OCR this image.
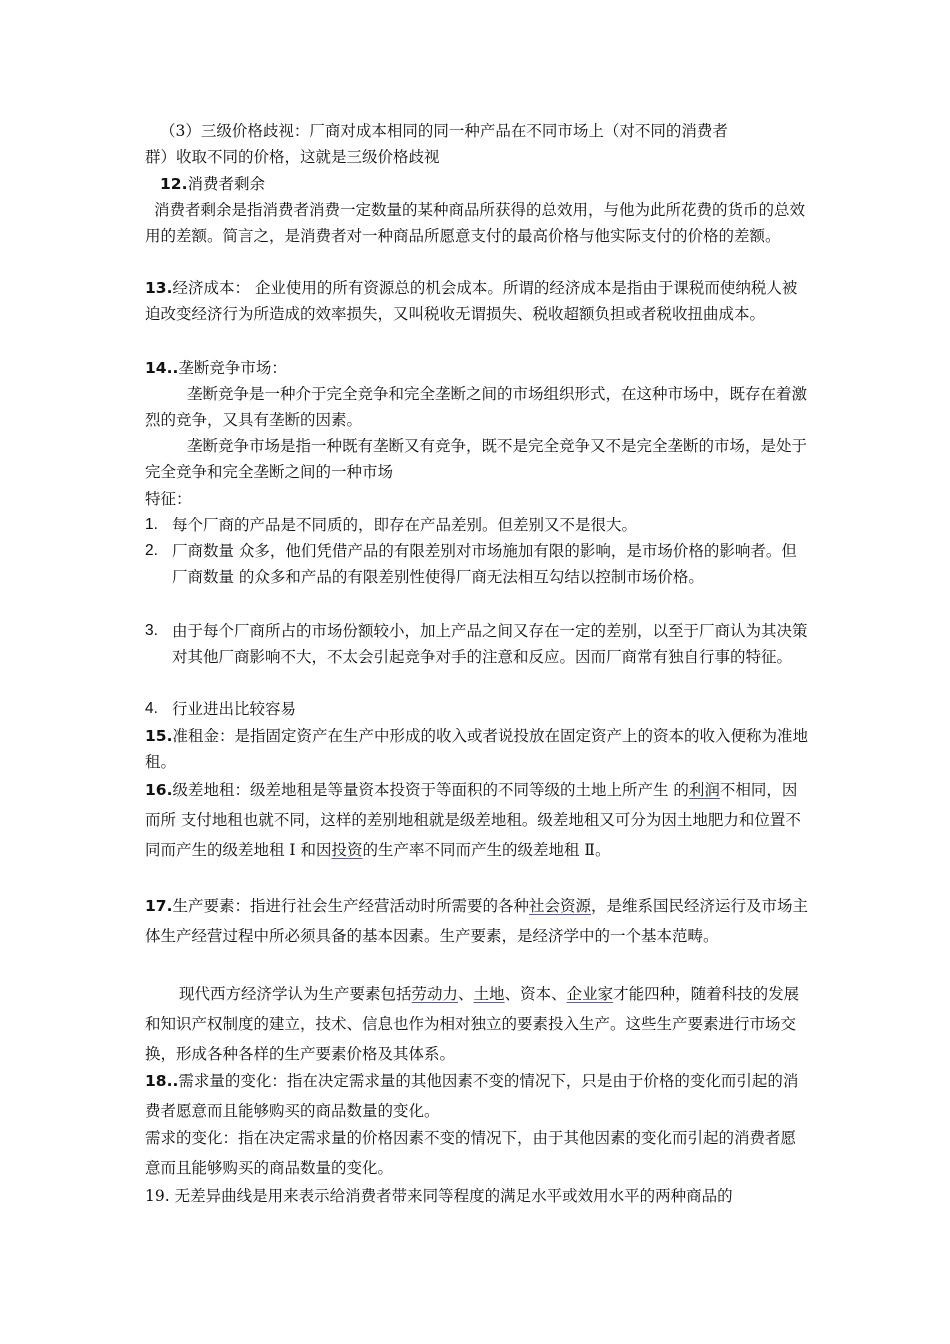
（3）三级价格歧视：厂商对成本相同的同一种产品在不同市场上（对不同的消费者

群）收取不同的价格，这就是三级价格歧视

12.消费者剩余

消费者剩余是指消费者消费一定数量的某种商品所获得的总效用，与他为此所花费的货币的总效用的差额。简言之，是消费者对一种商品所愿意支付的最高价格与他实际支付的价格的差额。

13.经济成本： 企业使用的所有资源总的机会成本。所谓的经济成本是指由于课税而使纳税人被迫改变经济行为所造成的效率损失，又叫税收无谓损失、税收超额负担或者税收扭曲成本。

14..垄断竞争市场：

垄断竞争是一种介于完全竞争和完全垄断之间的市场组织形式，在这种市场中，既存在着激烈的竞争，又具有垄断的因素。

垄断竞争市场是指一种既有垄断又有竞争，既不是完全竞争又不是完全垄断的市场，是处于完全竞争和完全垄断之间的一种市场

特征：

1. 每个厂商的产品是不同质的，即存在产品差别。但差别又不是很大。
2. 厂商数量 众多，他们凭借产品的有限差别对市场施加有限的影响，是市场价格的影响者。但厂商数量 的众多和产品的有限差别性使得厂商无法相互勾结以控制市场价格。
3. 由于每个厂商所占的市场份额较小，加上产品之间又存在一定的差别，以至于厂商认为其决策对其他厂商影响不大，不太会引起竞争对手的注意和反应。因而厂商常有独自行事的特征。
4. 行业进出比较容易

15.准租金：是指固定资产在生产中形成的收入或者说投放在固定资产上的资本的收入便称为准地租。

16.级差地租：级差地租是等量资本投资于等面积的不同等级的土地上所产生 的利润不相同，因而所 支付地租也就不同，这样的差别地租就是级差地租。级差地租又可分为因土地肥力和位置不同而产生的级差地租 Ⅰ 和因投资的生产率不同而产生的级差地租 Ⅱ。

17.生产要素：指进行社会生产经营活动时所需要的各种社会资源，是维系国民经济运行及市场主体生产经营过程中所必须具备的基本因素。生产要素，是经济学中的一个基本范畴。

现代西方经济学认为生产要素包括劳动力、土地、资本、企业家才能四种，随着科技的发展和知识产权制度的建立，技术、信息也作为相对独立的要素投入生产。这些生产要素进行市场交换，形成各种各样的生产要素价格及其体系。

18..需求量的变化：指在决定需求量的其他因素不变的情况下，只是由于价格的变化而引起的消费者愿意而且能够购买的商品数量的变化。

需求的变化：指在决定需求量的价格因素不变的情况下，由于其他因素的变化而引起的消费者愿意而且能够购买的商品数量的变化。

19. 无差异曲线是用来表示给消费者带来同等程度的满足水平或效用水平的两种商品的
